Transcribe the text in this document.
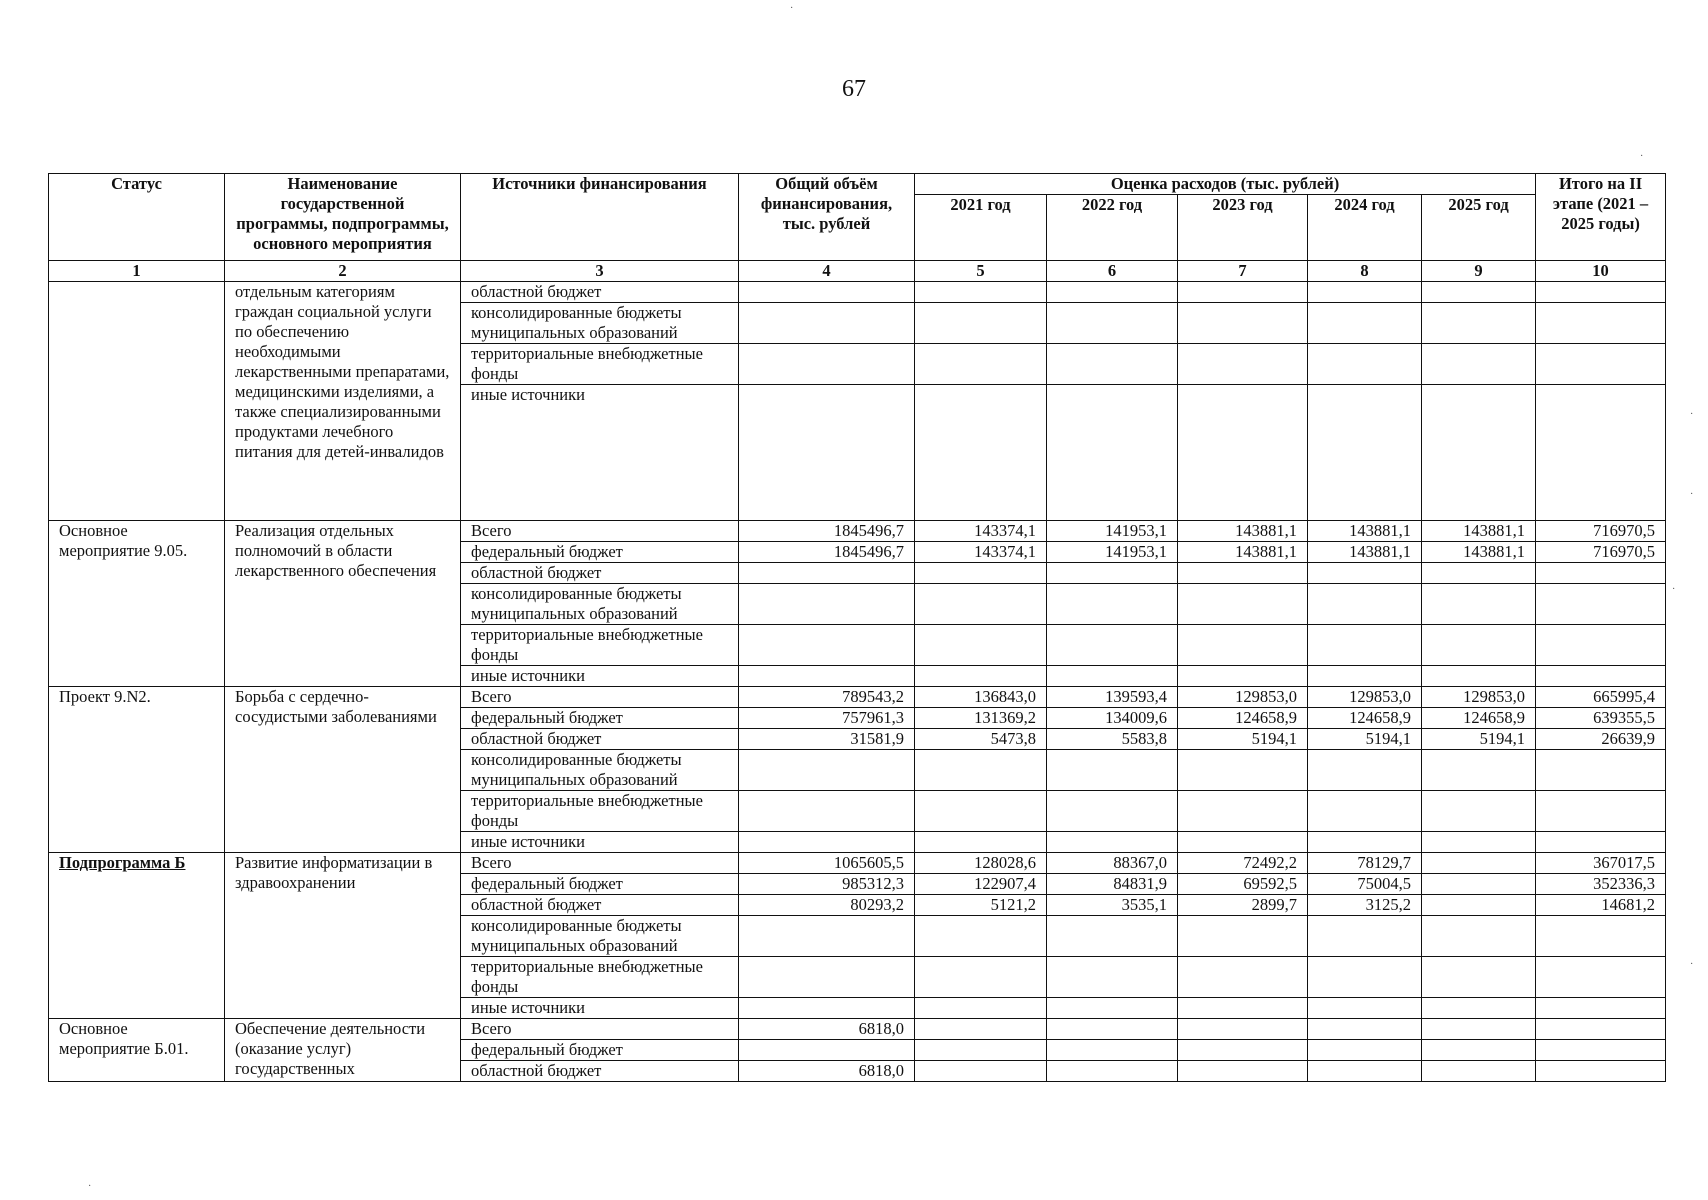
67
Статус	Наименование государственной программы, подпрограммы, основного мероприятия	Источники финансирования	Общий объём финансирования, тыс. рублей	Оценка расходов (тыс. рублей)					Итого на II этапе (2021 – 2025 годы)
				2021 год	2022 год	2023 год	2024 год	2025 год	
1	2	3	4	5	6	7	8	9	10
	отдельным категориям граждан социальной услуги по обеспечению необходимыми лекарственными препаратами, медицинскими изделиями, а также специализированными продуктами лечебного питания для детей-инвалидов	областной бюджет							
		консолидированные бюджеты муниципальных образований							
		территориальные внебюджетные фонды							
		иные источники							
Основное мероприятие 9.05.	Реализация отдельных полномочий в области лекарственного обеспечения	Всего	1845496,7	143374,1	141953,1	143881,1	143881,1	143881,1	716970,5
		федеральный бюджет	1845496,7	143374,1	141953,1	143881,1	143881,1	143881,1	716970,5
		областной бюджет							
		консолидированные бюджеты муниципальных образований							
		территориальные внебюджетные фонды							
		иные источники							
Проект 9.N2.	Борьба с сердечно-сосудистыми заболеваниями	Всего	789543,2	136843,0	139593,4	129853,0	129853,0	129853,0	665995,4
		федеральный бюджет	757961,3	131369,2	134009,6	124658,9	124658,9	124658,9	639355,5
		областной бюджет	31581,9	5473,8	5583,8	5194,1	5194,1	5194,1	26639,9
		консолидированные бюджеты муниципальных образований							
		территориальные внебюджетные фонды							
		иные источники							
Подпрограмма Б	Развитие информатизации в здравоохранении	Всего	1065605,5	128028,6	88367,0	72492,2	78129,7		367017,5
		федеральный бюджет	985312,3	122907,4	84831,9	69592,5	75004,5		352336,3
		областной бюджет	80293,2	5121,2	3535,1	2899,7	3125,2		14681,2
		консолидированные бюджеты муниципальных образований							
		территориальные внебюджетные фонды							
		иные источники							
Основное мероприятие Б.01.	Обеспечение деятельности (оказание услуг) государственных	Всего	6818,0						
		федеральный бюджет							
		областной бюджет	6818,0						
·
·
·
·
·
·
·
